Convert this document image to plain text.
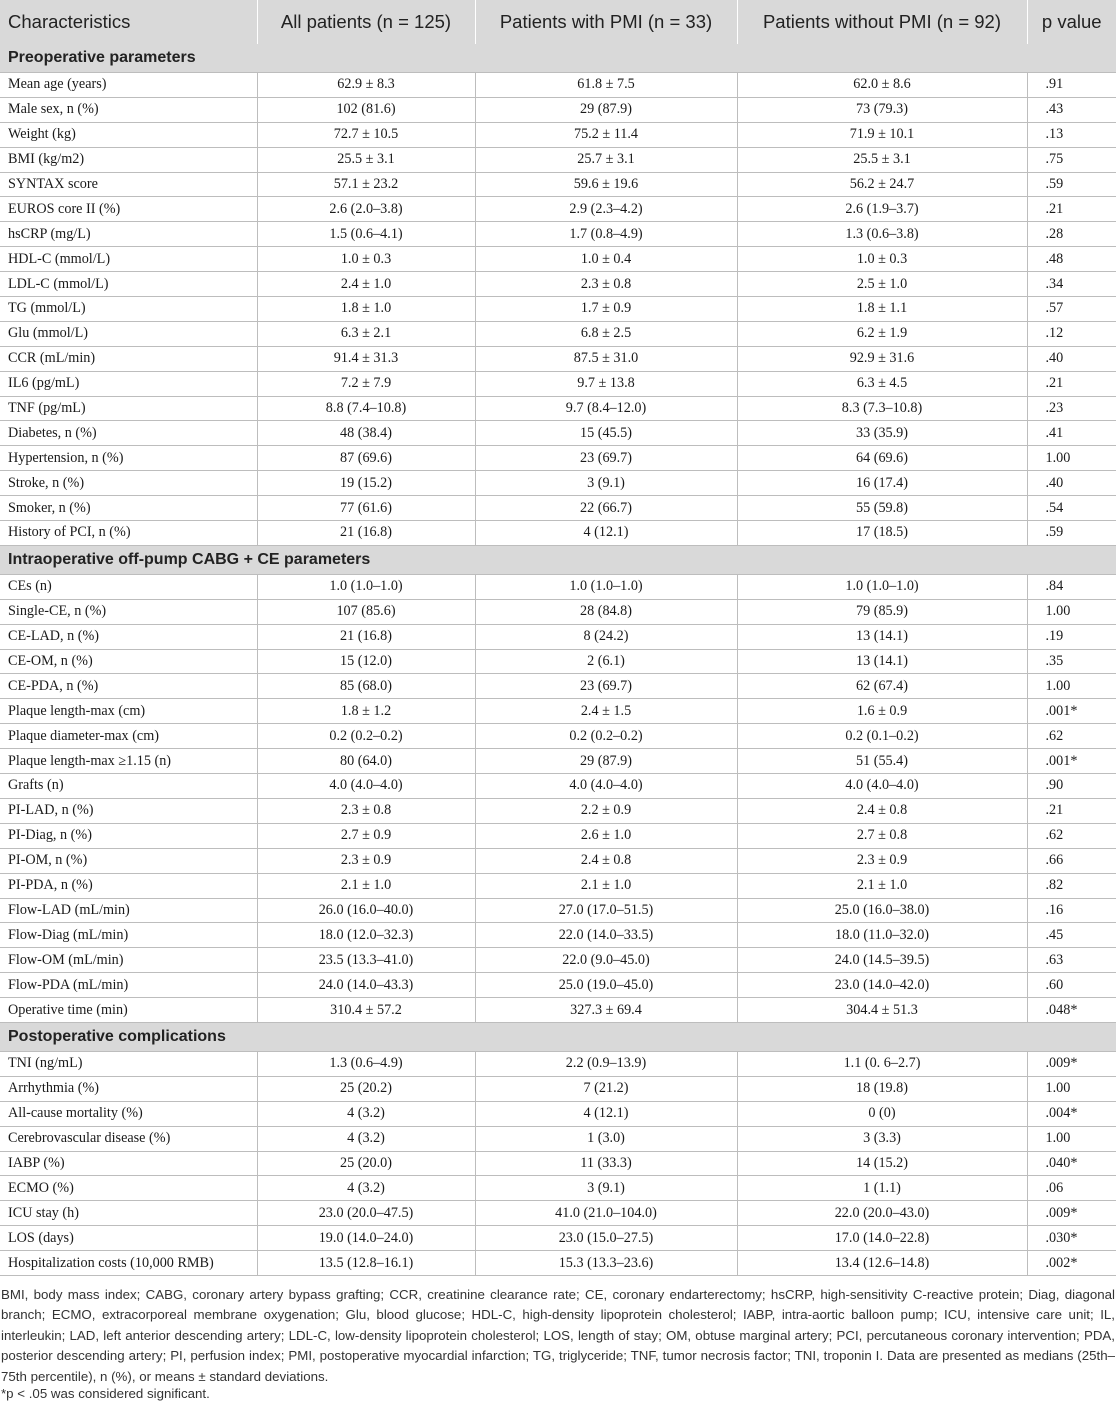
Characteristics	All patients (n = 125)	Patients with PMI (n = 33)	Patients without PMI (n = 92)	p value
Preoperative parameters				
Mean age (years)	62.9 ± 8.3	61.8 ± 7.5	62.0 ± 8.6	.91
Male sex, n (%)	102 (81.6)	29 (87.9)	73 (79.3)	.43
Weight (kg)	72.7 ± 10.5	75.2 ± 11.4	71.9 ± 10.1	.13
BMI (kg/m2)	25.5 ± 3.1	25.7 ± 3.1	25.5 ± 3.1	.75
SYNTAX score	57.1 ± 23.2	59.6 ± 19.6	56.2 ± 24.7	.59
EUROS core II (%)	2.6 (2.0–3.8)	2.9 (2.3–4.2)	2.6 (1.9–3.7)	.21
hsCRP (mg/L)	1.5 (0.6–4.1)	1.7 (0.8–4.9)	1.3 (0.6–3.8)	.28
HDL-C (mmol/L)	1.0 ± 0.3	1.0 ± 0.4	1.0 ± 0.3	.48
LDL-C (mmol/L)	2.4 ± 1.0	2.3 ± 0.8	2.5 ± 1.0	.34
TG (mmol/L)	1.8 ± 1.0	1.7 ± 0.9	1.8 ± 1.1	.57
Glu (mmol/L)	6.3 ± 2.1	6.8 ± 2.5	6.2 ± 1.9	.12
CCR (mL/min)	91.4 ± 31.3	87.5 ± 31.0	92.9 ± 31.6	.40
IL6 (pg/mL)	7.2 ± 7.9	9.7 ± 13.8	6.3 ± 4.5	.21
TNF (pg/mL)	8.8 (7.4–10.8)	9.7 (8.4–12.0)	8.3 (7.3–10.8)	.23
Diabetes, n (%)	48 (38.4)	15 (45.5)	33 (35.9)	.41
Hypertension, n (%)	87 (69.6)	23 (69.7)	64 (69.6)	1.00
Stroke, n (%)	19 (15.2)	3 (9.1)	16 (17.4)	.40
Smoker, n (%)	77 (61.6)	22 (66.7)	55 (59.8)	.54
History of PCI, n (%)	21 (16.8)	4 (12.1)	17 (18.5)	.59
Intraoperative off-pump CABG + CE parameters				
CEs (n)	1.0 (1.0–1.0)	1.0 (1.0–1.0)	1.0 (1.0–1.0)	.84
Single-CE, n (%)	107 (85.6)	28 (84.8)	79 (85.9)	1.00
CE-LAD, n (%)	21 (16.8)	8 (24.2)	13 (14.1)	.19
CE-OM, n (%)	15 (12.0)	2 (6.1)	13 (14.1)	.35
CE-PDA, n (%)	85 (68.0)	23 (69.7)	62 (67.4)	1.00
Plaque length-max (cm)	1.8 ± 1.2	2.4 ± 1.5	1.6 ± 0.9	.001*
Plaque diameter-max (cm)	0.2 (0.2–0.2)	0.2 (0.2–0.2)	0.2 (0.1–0.2)	.62
Plaque length-max ≥1.15 (n)	80 (64.0)	29 (87.9)	51 (55.4)	.001*
Grafts (n)	4.0 (4.0–4.0)	4.0 (4.0–4.0)	4.0 (4.0–4.0)	.90
PI-LAD, n (%)	2.3 ± 0.8	2.2 ± 0.9	2.4 ± 0.8	.21
PI-Diag, n (%)	2.7 ± 0.9	2.6 ± 1.0	2.7 ± 0.8	.62
PI-OM, n (%)	2.3 ± 0.9	2.4 ± 0.8	2.3 ± 0.9	.66
PI-PDA, n (%)	2.1 ± 1.0	2.1 ± 1.0	2.1 ± 1.0	.82
Flow-LAD (mL/min)	26.0 (16.0–40.0)	27.0 (17.0–51.5)	25.0 (16.0–38.0)	.16
Flow-Diag (mL/min)	18.0 (12.0–32.3)	22.0 (14.0–33.5)	18.0 (11.0–32.0)	.45
Flow-OM (mL/min)	23.5 (13.3–41.0)	22.0 (9.0–45.0)	24.0 (14.5–39.5)	.63
Flow-PDA (mL/min)	24.0 (14.0–43.3)	25.0 (19.0–45.0)	23.0 (14.0–42.0)	.60
Operative time (min)	310.4 ± 57.2	327.3 ± 69.4	304.4 ± 51.3	.048*
Postoperative complications				
TNI (ng/mL)	1.3 (0.6–4.9)	2.2 (0.9–13.9)	1.1 (0. 6–2.7)	.009*
Arrhythmia (%)	25 (20.2)	7 (21.2)	18 (19.8)	1.00
All-cause mortality (%)	4 (3.2)	4 (12.1)	0 (0)	.004*
Cerebrovascular disease (%)	4 (3.2)	1 (3.0)	3 (3.3)	1.00
IABP (%)	25 (20.0)	11 (33.3)	14 (15.2)	.040*
ECMO (%)	4 (3.2)	3 (9.1)	1 (1.1)	.06
ICU stay (h)	23.0 (20.0–47.5)	41.0 (21.0–104.0)	22.0 (20.0–43.0)	.009*
LOS (days)	19.0 (14.0–24.0)	23.0 (15.0–27.5)	17.0 (14.0–22.8)	.030*
Hospitalization costs (10,000 RMB)	13.5 (12.8–16.1)	15.3 (13.3–23.6)	13.4 (12.6–14.8)	.002*

BMI, body mass index; CABG, coronary artery bypass grafting; CCR, creatinine clearance rate; CE, coronary endarterectomy; hsCRP, high-sensitivity C-reactive protein; Diag, diagonal branch; ECMO, extracorporeal membrane oxygenation; Glu, blood glucose; HDL-C, high-density lipoprotein cholesterol; IABP, intra-aortic balloon pump; ICU, intensive care unit; IL, interleukin; LAD, left anterior descending artery; LDL-C, low-density lipoprotein cholesterol; LOS, length of stay; OM, obtuse marginal artery; PCI, percutaneous coronary intervention; PDA, posterior descending artery; PI, perfusion index; PMI, postoperative myocardial infarction; TG, triglyceride; TNF, tumor necrosis factor; TNI, troponin I. Data are presented as medians (25th–75th percentile), n (%), or means ± standard deviations.

*p < .05 was considered significant.
